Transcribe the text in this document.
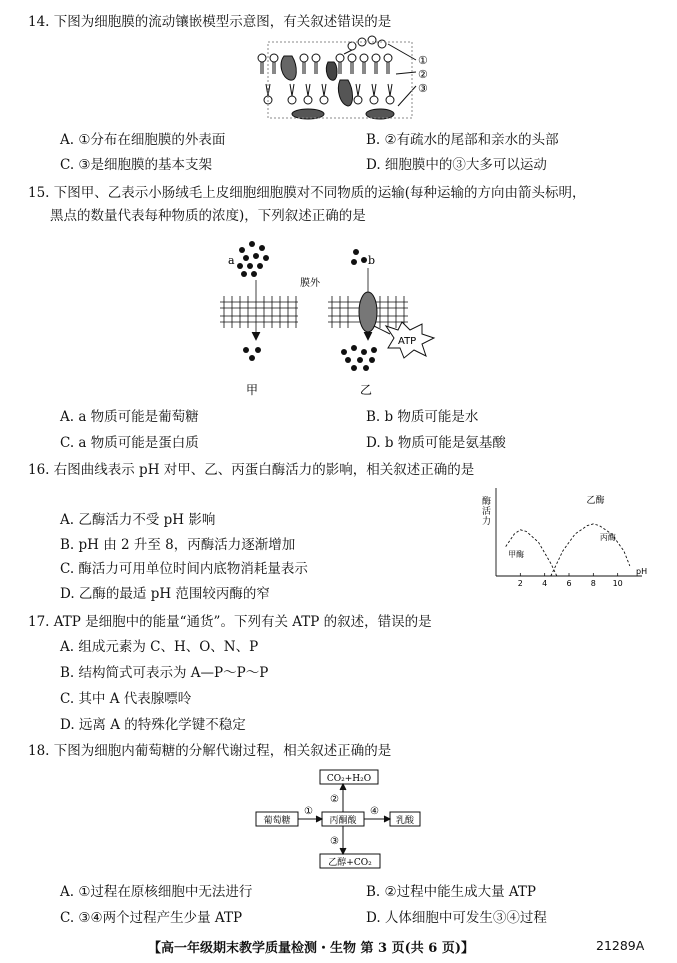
14. 下图为细胞膜的流动镶嵌模型示意图，有关叙述错误的是
①
②
③
A. ①分布在细胞膜的外表面	B. ②有疏水的尾部和亲水的头部
C. ③是细胞膜的基本支架	D. 细胞膜中的③大多可以运动
15. 下图甲、乙表示小肠绒毛上皮细胞细胞膜对不同物质的运输(每种运输的方向由箭头标明，
黑点的数量代表每种物质的浓度)，下列叙述正确的是
a	b
膜外
ATP
甲	乙
A. a 物质可能是葡萄糖	B. b 物质可能是水
C. a 物质可能是蛋白质	D. b 物质可能是氨基酸
16. 右图曲线表示 pH 对甲、乙、丙蛋白酶活力的影响，相关叙述正确的是
A. 乙酶活力不受 pH 影响
B. pH 由 2 升至 8，丙酶活力逐渐增加
C. 酶活力可用单位时间内底物消耗量表示
D. 乙酶的最适 pH 范围较丙酶的窄
酶
活
力
pH
2 4 6 8 10
乙酶
甲酶
丙酶
17. ATP 是细胞中的能量“通货”。下列有关 ATP 的叙述，错误的是
A. 组成元素为 C、H、O、N、P
B. 结构简式可表示为 A—P～P～P
C. 其中 A 代表腺嘌呤
D. 远离 A 的特殊化学键不稳定
18. 下图为细胞内葡萄糖的分解代谢过程，相关叙述正确的是
CO₂+H₂O
葡萄糖	丙酮酸	乳酸
乙醇+CO₂
①
②
④
③
A. ①过程在原核细胞中无法进行	B. ②过程中能生成大量 ATP
C. ③④两个过程产生少量 ATP	D. 人体细胞中可发生③④过程
【高一年级期末教学质量检测・生物 第 3 页(共 6 页)】	21289A
